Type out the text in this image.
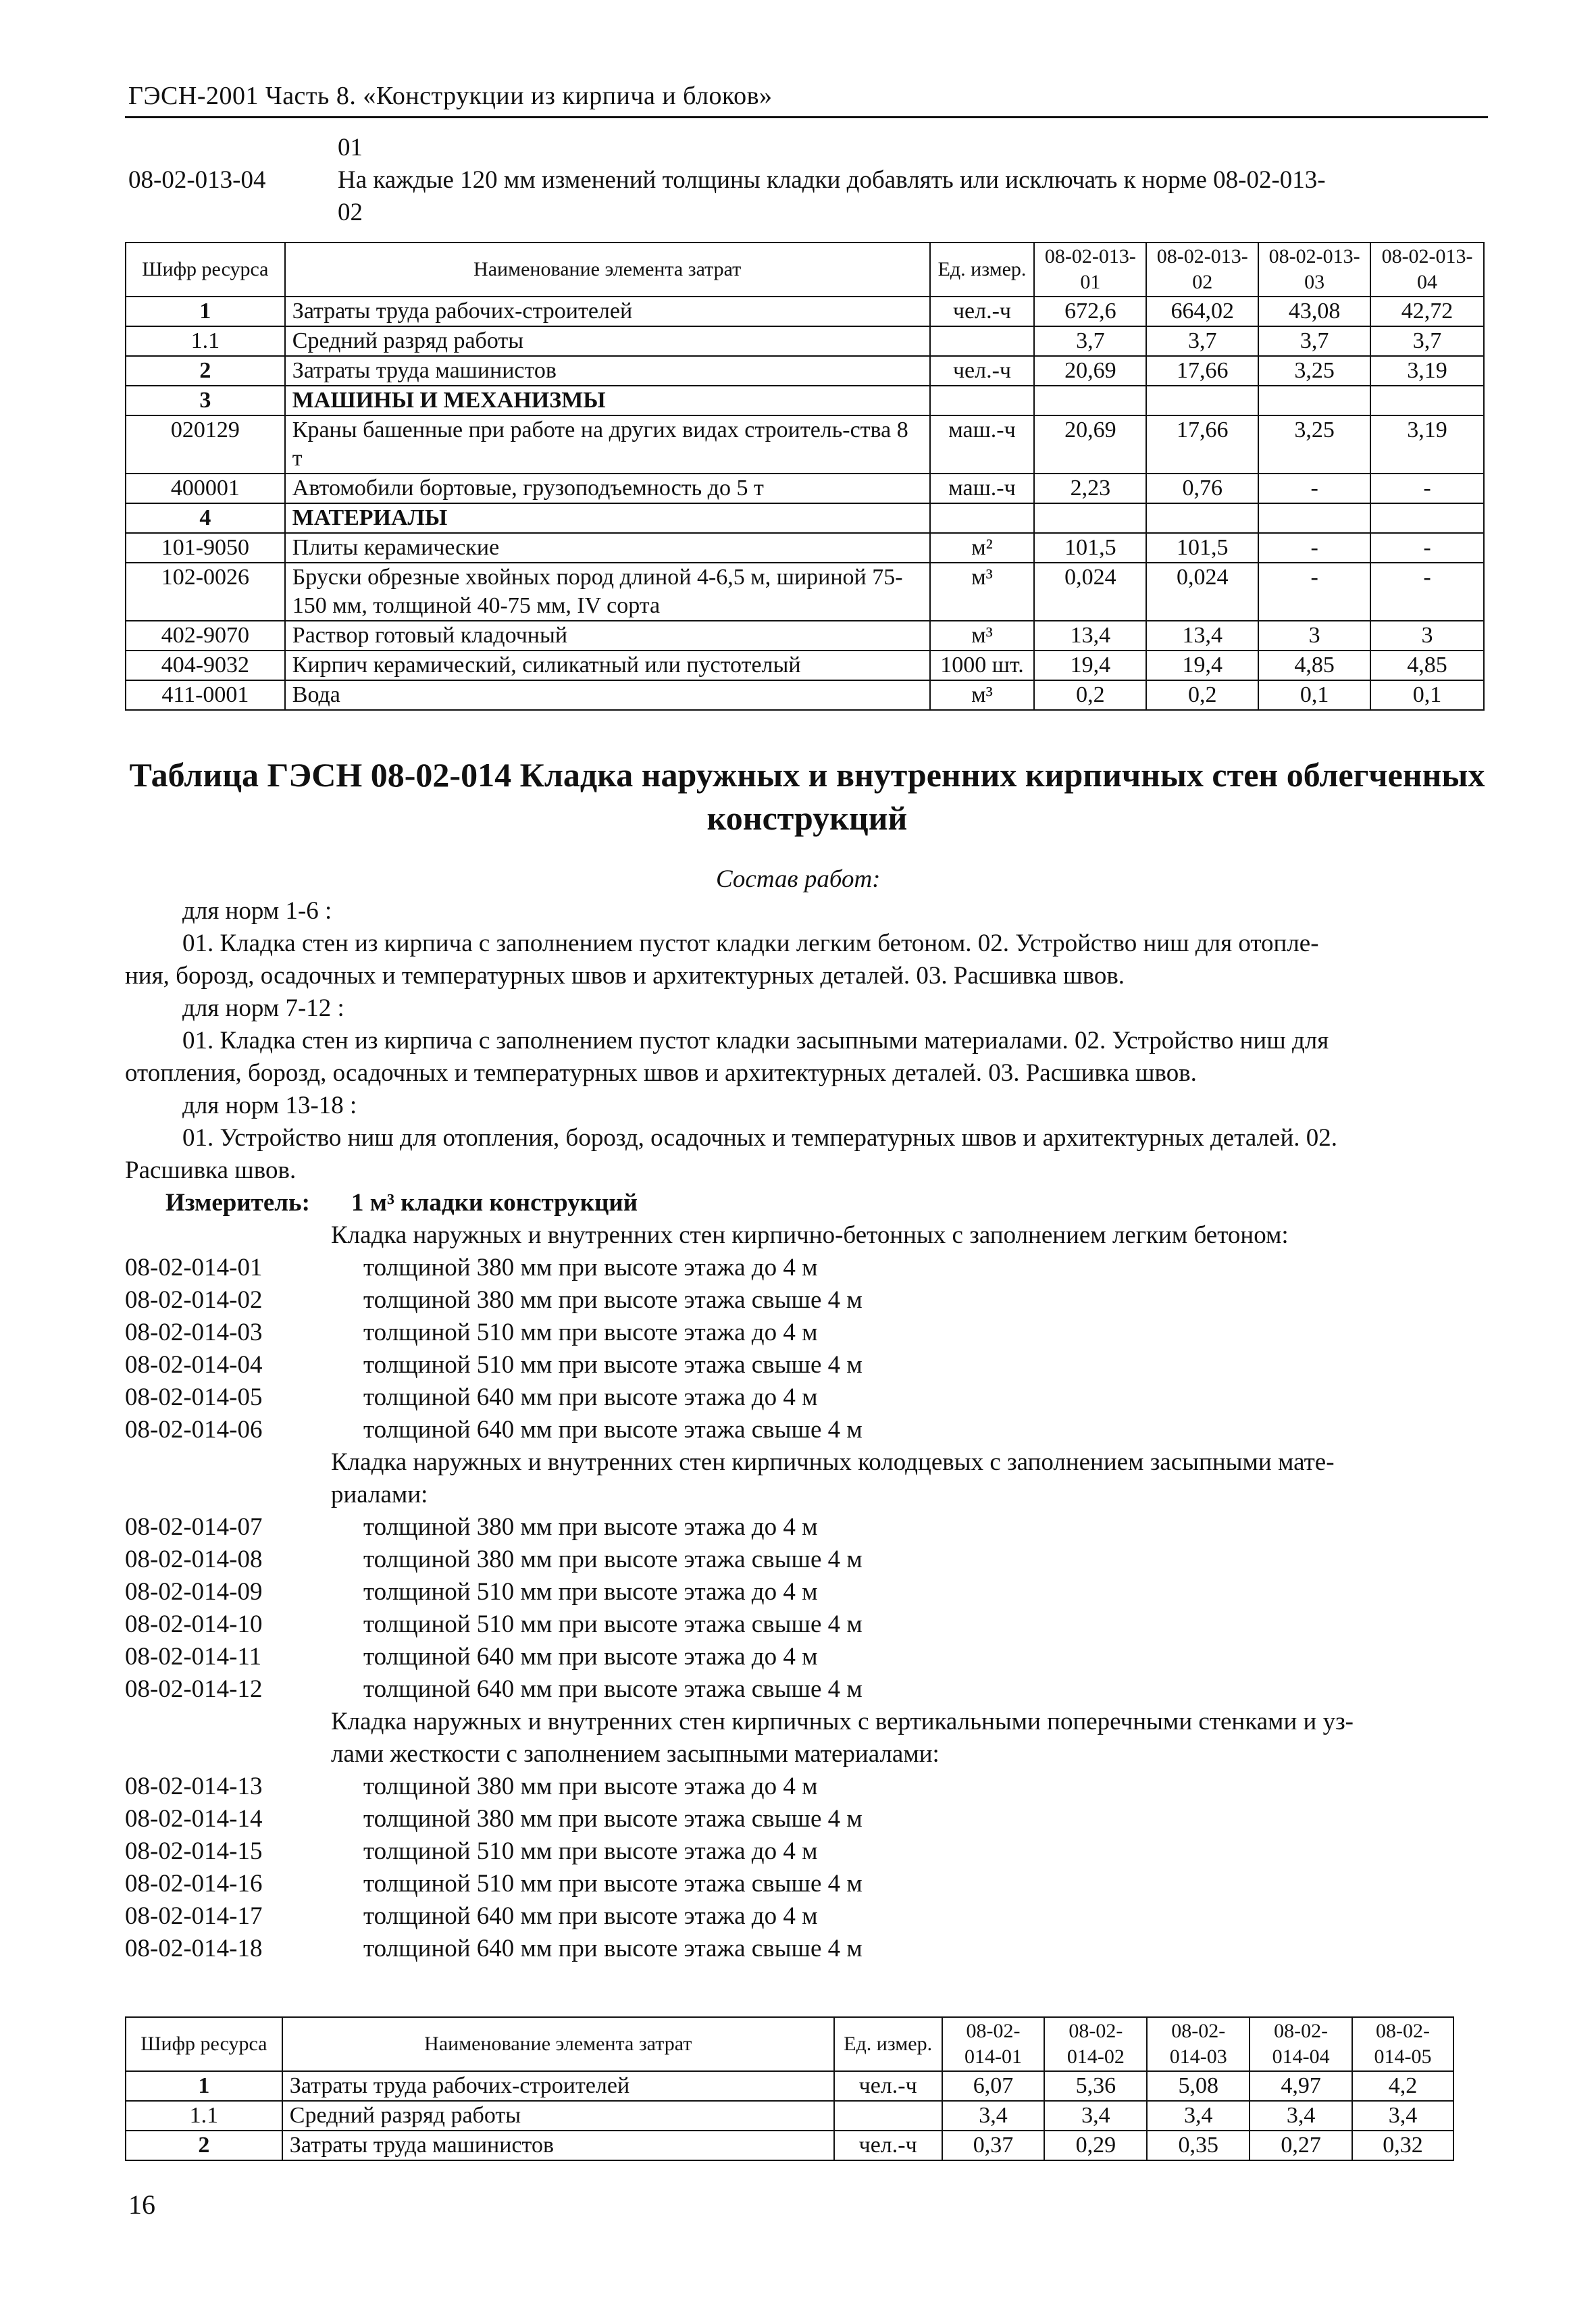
ГЭСН-2001 Часть 8. «Конструкции из кирпича и блоков»
01
08-02-013-04	На каждые 120 мм изменений толщины кладки добавлять или исключать к норме 08-02-013-
02
Шифр ресурса	Наименование элемента затрат	Ед. измер.	08-02-013-01	08-02-013-02	08-02-013-03	08-02-013-04
1	Затраты труда рабочих-строителей	чел.-ч	672,6	664,02	43,08	42,72
1.1	Средний разряд работы		3,7	3,7	3,7	3,7
2	Затраты труда машинистов	чел.-ч	20,69	17,66	3,25	3,19
3	МАШИНЫ И МЕХАНИЗМЫ					
020129	Краны башенные при работе на других видах строитель-ства 8 т	маш.-ч	20,69	17,66	3,25	3,19
400001	Автомобили бортовые, грузоподъемность до 5 т	маш.-ч	2,23	0,76	-	-
4	МАТЕРИАЛЫ					
101-9050	Плиты керамические	м²	101,5	101,5	-	-
102-0026	Бруски обрезные хвойных пород длиной 4-6,5 м, шириной 75-150 мм, толщиной 40-75 мм, IV сорта	м³	0,024	0,024	-	-
402-9070	Раствор готовый кладочный	м³	13,4	13,4	3	3
404-9032	Кирпич керамический, силикатный или пустотелый	1000 шт.	19,4	19,4	4,85	4,85
411-0001	Вода	м³	0,2	0,2	0,1	0,1
Таблица ГЭСН 08-02-014 Кладка наружных и внутренних кирпичных стен облегченных
конструкций
Состав работ:
для норм 1-6 :
01. Кладка стен из кирпича с заполнением пустот кладки легким бетоном. 02. Устройство ниш для отопле-
ния, борозд, осадочных и температурных швов и архитектурных деталей. 03. Расшивка швов.
для норм 7-12 :
01. Кладка стен из кирпича с заполнением пустот кладки засыпными материалами. 02. Устройство ниш для
отопления, борозд, осадочных и температурных швов и архитектурных деталей. 03. Расшивка швов.
для норм 13-18 :
01. Устройство ниш для отопления, борозд, осадочных и температурных швов и архитектурных деталей. 02.
Расшивка швов.
Измеритель: 1 м³ кладки конструкций
Кладка наружных и внутренних стен кирпично-бетонных с заполнением легким бетоном:
08-02-014-01	толщиной 380 мм при высоте этажа до 4 м
08-02-014-02	толщиной 380 мм при высоте этажа свыше 4 м
08-02-014-03	толщиной 510 мм при высоте этажа до 4 м
08-02-014-04	толщиной 510 мм при высоте этажа свыше 4 м
08-02-014-05	толщиной 640 мм при высоте этажа до 4 м
08-02-014-06	толщиной 640 мм при высоте этажа свыше 4 м
Кладка наружных и внутренних стен кирпичных колодцевых с заполнением засыпными мате-
риалами:
08-02-014-07	толщиной 380 мм при высоте этажа до 4 м
08-02-014-08	толщиной 380 мм при высоте этажа свыше 4 м
08-02-014-09	толщиной 510 мм при высоте этажа до 4 м
08-02-014-10	толщиной 510 мм при высоте этажа свыше 4 м
08-02-014-11	толщиной 640 мм при высоте этажа до 4 м
08-02-014-12	толщиной 640 мм при высоте этажа свыше 4 м
Кладка наружных и внутренних стен кирпичных с вертикальными поперечными стенками и уз-
лами жесткости с заполнением засыпными материалами:
08-02-014-13	толщиной 380 мм при высоте этажа до 4 м
08-02-014-14	толщиной 380 мм при высоте этажа свыше 4 м
08-02-014-15	толщиной 510 мм при высоте этажа до 4 м
08-02-014-16	толщиной 510 мм при высоте этажа свыше 4 м
08-02-014-17	толщиной 640 мм при высоте этажа до 4 м
08-02-014-18	толщиной 640 мм при высоте этажа свыше 4 м
Шифр ресурса	Наименование элемента затрат	Ед. измер.	08-02-014-01	08-02-014-02	08-02-014-03	08-02-014-04	08-02-014-05
1	Затраты труда рабочих-строителей	чел.-ч	6,07	5,36	5,08	4,97	4,2
1.1	Средний разряд работы		3,4	3,4	3,4	3,4	3,4
2	Затраты труда машинистов	чел.-ч	0,37	0,29	0,35	0,27	0,32
16
